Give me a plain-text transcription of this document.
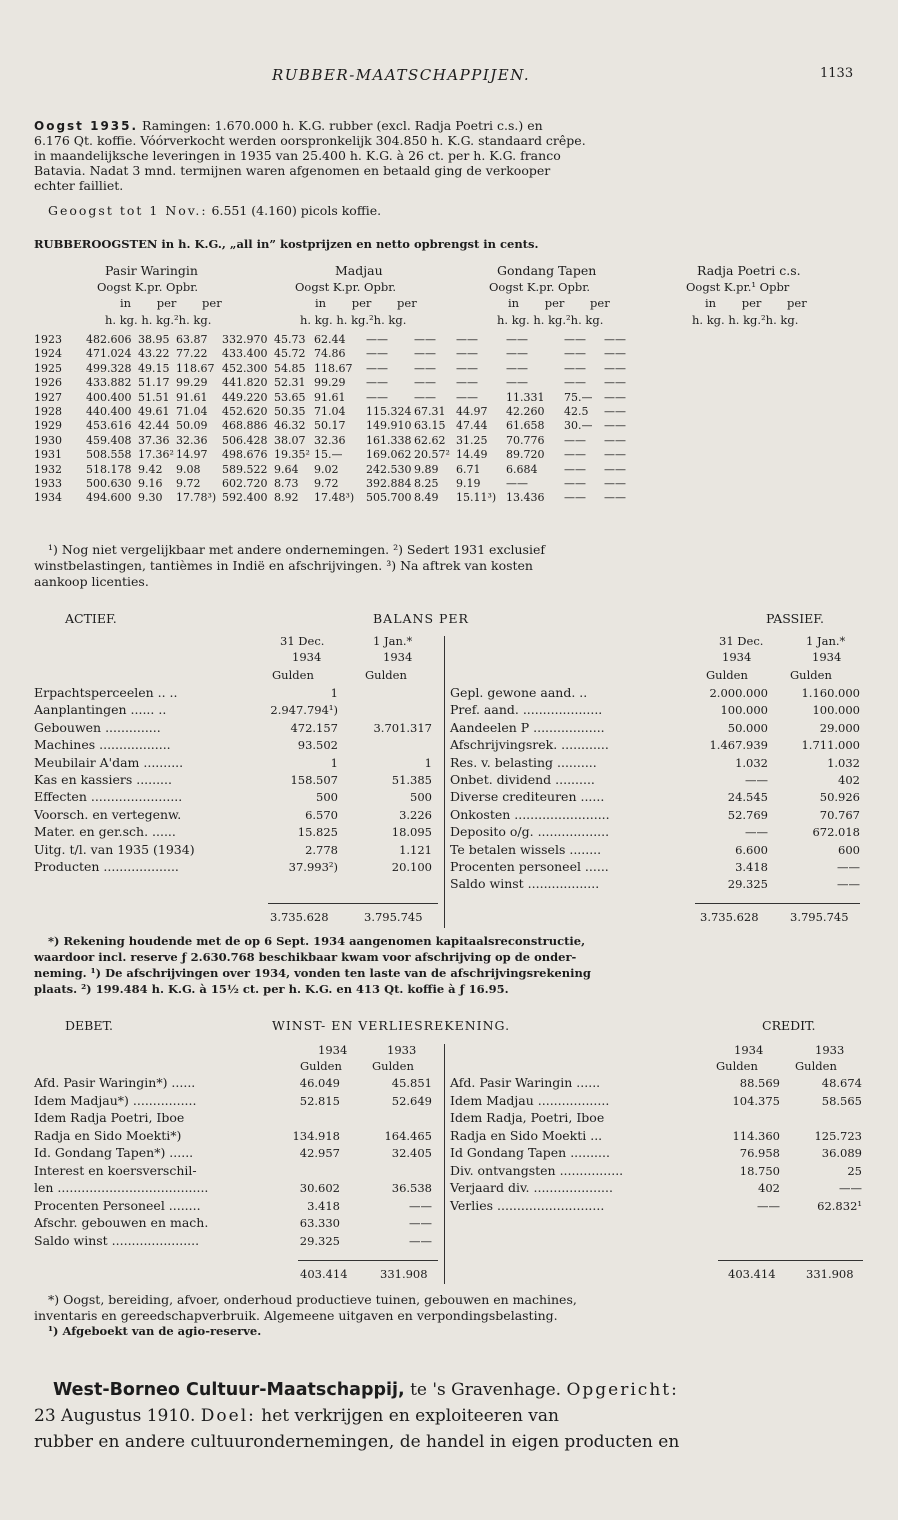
RUBBER-MAATSCHAPPIJEN.	1133
Oogst 1935. Ramingen: 1.670.000 h. K.G. rubber (excl. Radja Poetri c.s.) en
6.176 Qt. koffie. Vóórverkocht werden oorspronkelijk 304.850 h. K.G. standaard crêpe.
in maandelijksche leveringen in 1935 van 25.400 h. K.G. à 26 ct. per h. K.G. franco
Batavia. Nadat 3 mnd. termijnen waren afgenomen en betaald ging de verkooper
echter failliet.
Geoogst tot 1 Nov.: 6.551 (4.160) picols koffie.
RUBBEROOGSTEN in h. K.G., „all in” kostprijzen en netto opbrengst in cents.
Pasir Waringin	Madjau	Gondang Tapen	Radja Poetri c.s.
Oogst K.pr. Opbr.	Oogst K.pr. Opbr.	Oogst K.pr. Opbr.	Oogst K.pr.¹ Opbr
in per per	in per per	in per per	in per per
h. kg. h. kg.²h. kg.	h. kg. h. kg.²h. kg.	h. kg. h. kg.²h. kg.	h. kg. h. kg.²h. kg.
1923	482.606	38.95	63.87	332.970	45.73	62.44	——	——	——	——	——	——
1924	471.024	43.22	77.22	433.400	45.72	74.86	——	——	——	——	——	——
1925	499.328	49.15	118.67	452.300	54.85	118.67	——	——	——	——	——	——
1926	433.882	51.17	99.29	441.820	52.31	99.29	——	——	——	——	——	——
1927	400.400	51.51	91.61	449.220	53.65	91.61	——	——	——	11.331	75.—	——
1928	440.400	49.61	71.04	452.620	50.35	71.04	115.324	67.31	44.97	42.260	42.5	——
1929	453.616	42.44	50.09	468.886	46.32	50.17	149.910	63.15	47.44	61.658	30.—	——
1930	459.408	37.36	32.36	506.428	38.07	32.36	161.338	62.62	31.25	70.776	——	——
1931	508.558	17.36²	14.97	498.676	19.35²	15.—	169.062	20.57²	14.49	89.720	——	——
1932	518.178	9.42	9.08	589.522	9.64	9.02	242.530	9.89	6.71	6.684	——	——
1933	500.630	9.16	9.72	602.720	8.73	9.72	392.884	8.25	9.19	——	——	——
1934	494.600	9.30	17.78³)	592.400	8.92	17.48³)	505.700	8.49	15.11³)	13.436	——	——
¹) Nog niet vergelijkbaar met andere ondernemingen. ²) Sedert 1931 exclusief
winstbelastingen, tantièmes in Indië en afschrijvingen. ³) Na aftrek van kosten
aankoop licenties.
ACTIEF.	BALANS PER	PASSIEF.
31 Dec.
1934
Gulden
1 Jan.*
1934
Gulden
31 Dec.
1934
Gulden
1 Jan.*
1934
Gulden
Erpachtsperceelen .. ..	1
Aanplantingen ...... ..	2.947.794¹)
Gebouwen ..............	472.157	3.701.317
Machines ..................	93.502
Meubilair A'dam ..........	1	1
Kas en kassiers .........	158.507	51.385
Effecten .......................	500	500
Voorsch. en vertegenw.	6.570	3.226
Mater. en ger.sch. ......	15.825	18.095
Uitg. t/l. van 1935 (1934)	2.778	1.121
Producten ...................	37.993²)	20.100
Gepl. gewone aand. ..	2.000.000	1.160.000
Pref. aand. ....................	100.000	100.000
Aandeelen P ..................	50.000	29.000
Afschrijvingsrek. ............	1.467.939	1.711.000
Res. v. belasting ..........	1.032	1.032
Onbet. dividend ..........	——	402
Diverse crediteuren ......	24.545	50.926
Onkosten ........................	52.769	70.767
Deposito o/g. ..................	——	672.018
Te betalen wissels ........	6.600	600
Procenten personeel ......	3.418	——
Saldo winst ..................	29.325	——
3.735.628	3.795.745	3.735.628	3.795.745
*) Rekening houdende met de op 6 Sept. 1934 aangenomen kapitaalsreconstructie,
waardoor incl. reserve ƒ 2.630.768 beschikbaar kwam voor afschrijving op de onder-
neming. ¹) De afschrijvingen over 1934, vonden ten laste van de afschrijvingsrekening
plaats. ²) 199.484 h. K.G. à 15½ ct. per h. K.G. en 413 Qt. koffie à ƒ 16.95.
DEBET.	WINST- EN VERLIESREKENING.	CREDIT.
1934	1933
Gulden	Gulden
1934	1933
Gulden	Gulden
Afd. Pasir Waringin*) ......	46.049	45.851
Idem Madjau*) ................	52.815	52.649
Idem Radja Poetri, Iboe
Radja en Sido Moekti*)	134.918	164.465
Id. Gondang Tapen*) ......	42.957	32.405
Interest en koersverschil-
len ......................................	30.602	36.538
Procenten Personeel ........	3.418	——
Afschr. gebouwen en mach.	63.330	——
Saldo winst ......................	29.325	——
Afd. Pasir Waringin ......	88.569	48.674
Idem Madjau ..................	104.375	58.565
Idem Radja, Poetri, Iboe
Radja en Sido Moekti ...	114.360	125.723
Id Gondang Tapen ..........	76.958	36.089
Div. ontvangsten ................	18.750	25
Verjaard div. ....................	402	——
Verlies ...........................	——	62.832¹
403.414	331.908	403.414	331.908
*) Oogst, bereiding, afvoer, onderhoud productieve tuinen, gebouwen en machines,
inventaris en gereedschapverbruik. Algemeene uitgaven en verpondingsbelasting.
¹) Afgeboekt van de agio-reserve.
West-Borneo Cultuur-Maatschappij, te 's Gravenhage. Opgericht:
23 Augustus 1910. Doel: het verkrijgen en exploiteeren van
rubber en andere cultuurondernemingen, de handel in eigen producten en
